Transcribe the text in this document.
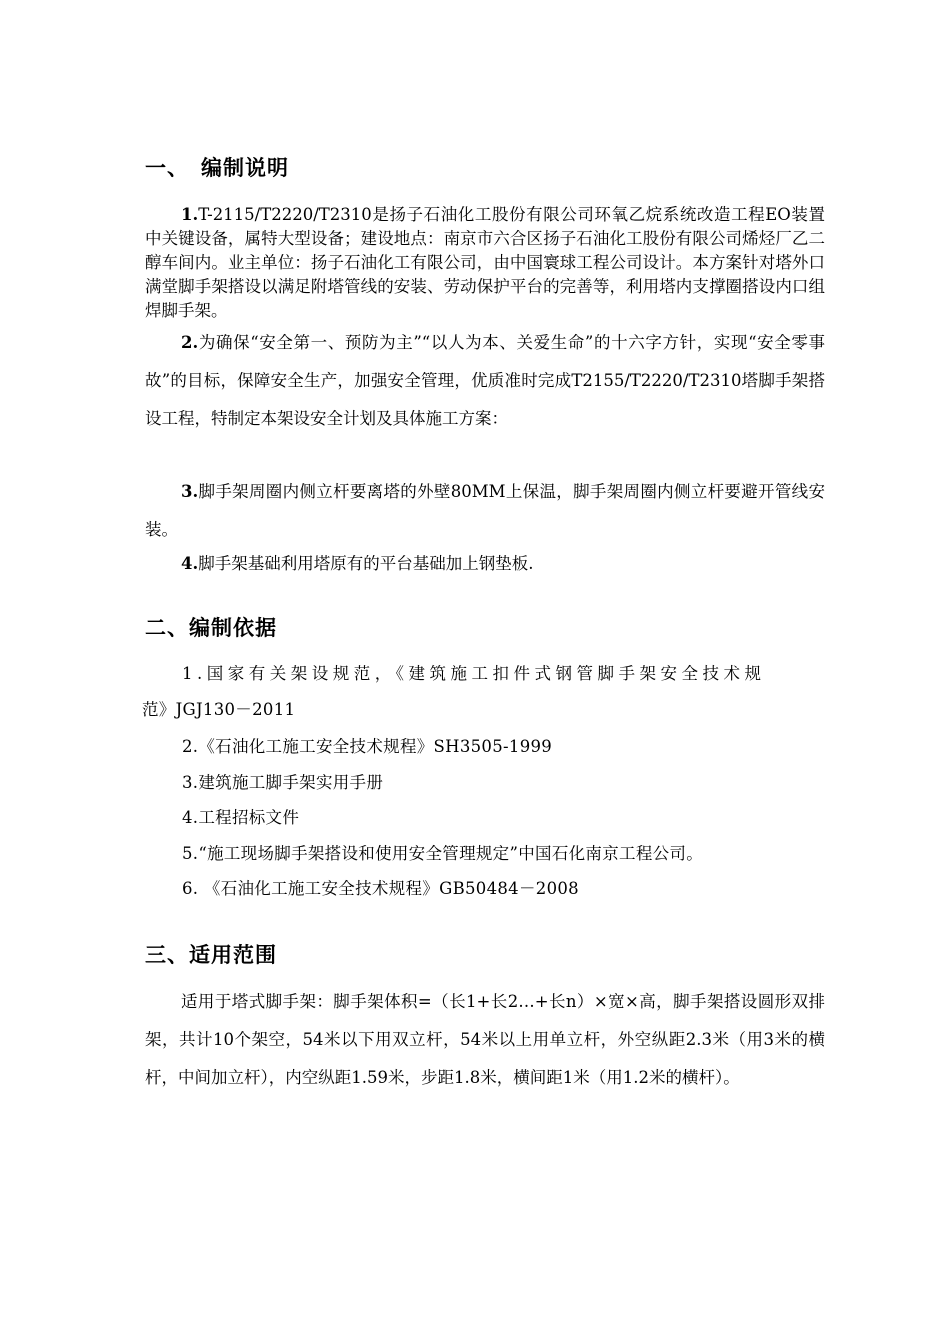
一、 编制说明

1.T-2115/T2220/T2310是扬子石油化工股份有限公司环氧乙烷系统改造工程EO装置中关键设备，属特大型设备；建设地点：南京市六合区扬子石油化工股份有限公司烯烃厂乙二醇车间内。业主单位：扬子石油化工有限公司，由中国寰球工程公司设计。本方案针对塔外口满堂脚手架搭设以满足附塔管线的安装、劳动保护平台的完善等，利用塔内支撑圈搭设内口组焊脚手架。

2.为确保“安全第一、预防为主”“以人为本、关爱生命”的十六字方针，实现“安全零事故”的目标，保障安全生产，加强安全管理，优质准时完成T2155/T2220/T2310塔脚手架搭设工程，特制定本架设安全计划及具体施工方案：

3.脚手架周圈内侧立杆要离塔的外壁80MM上保温，脚手架周圈内侧立杆要避开管线安装。

4.脚手架基础利用塔原有的平台基础加上钢垫板.

二、编制依据

1.国家有关架设规范，《建筑施工扣件式钢管脚手架安全技术规
范》JGJ130－2011

2.《石油化工施工安全技术规程》SH3505-1999

3.建筑施工脚手架实用手册

4.工程招标文件

5.“施工现场脚手架搭设和使用安全管理规定”中国石化南京工程公司。

6. 《石油化工施工安全技术规程》GB50484－2008

三、适用范围

适用于塔式脚手架：脚手架体积=（长1+长2…+长n）×宽×高，脚手架搭设圆形双排架，共计10个架空，54米以下用双立杆，54米以上用单立杆，外空纵距2.3米（用3米的横杆，中间加立杆），内空纵距1.59米，步距1.8米，横间距1米（用1.2米的横杆）。
